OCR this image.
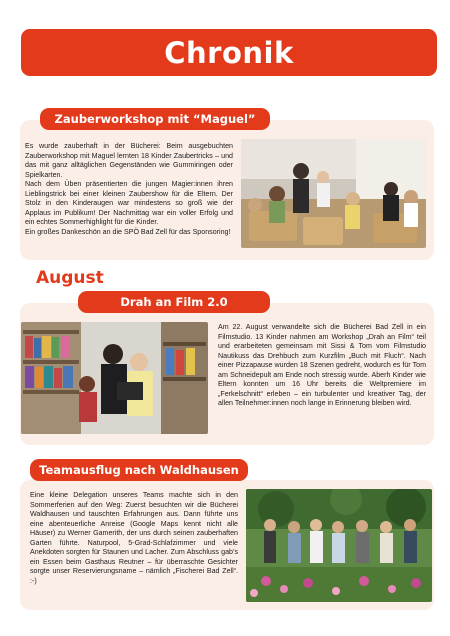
Chronik
Zauberworkshop mit “Maguel”

Es wurde zauberhaft in der Bücherei: Beim ausgebuchten Zauberworkshop mit Maguel lernten 18 Kinder Zaubertricks – und das mit ganz alltäglichen Gegenständen wie Gummiringen oder Spielkarten.

Nach dem Üben präsentierten die jungen Magier:innen ihren Lieblingstrick bei einer kleinen Zaubershow für die Eltern. Der Stolz in den Kinderaugen war mindestens so groß wie der Applaus im Publikum! Der Nachmittag war ein voller Erfolg und ein echtes Sommerhighlight für die Kinder.

Ein großes Dankeschön an die SPÖ Bad Zell für das Sponsoring!

August
Drah an Film 2.0
Am 22. August verwandelte sich die Bücherei Bad Zell in ein Filmstudio. 13 Kinder nahmen am Workshop „Drah an Film“ teil und erarbeiteten gemeinsam mit Sissi & Tom vom Filmstudio Nautikuss das Drehbuch zum Kurzfilm „Buch mit Fluch“. Nach einer Pizzapause wurden 18 Szenen gedreht, wodurch es für Tom am Schneidepult am Ende noch stressig wurde. Aberh Kinder wie Eltern konnten um 16 Uhr bereits die Weltpremiere im „Ferkelschnitt“ erleben – ein turbulenter und kreativer Tag, der allen Teilnehmer:innen noch lange in Erinnerung bleiben wird.
Teamausflug nach Waldhausen
Eine kleine Delegation unseres Teams machte sich in den Sommerferien auf den Weg: Zuerst besuchten wir die Bücherei Waldhausen und tauschten Erfahrungen aus. Dann führte uns eine abenteuerliche Anreise (Google Maps kennt nicht alle Häuser) zu Werner Gamerith, der uns durch seinen zauberhaften Garten führte. Naturpool, 5-Grad-Schlafzimmer und viele Anekdoten sorgten für Staunen und Lacher. Zum Abschluss gab’s ein Essen beim Gasthaus Reutner – für überraschte Gesichter sorgte unser Reservierungsname – nämlich „Fischerei Bad Zell“. :-)
